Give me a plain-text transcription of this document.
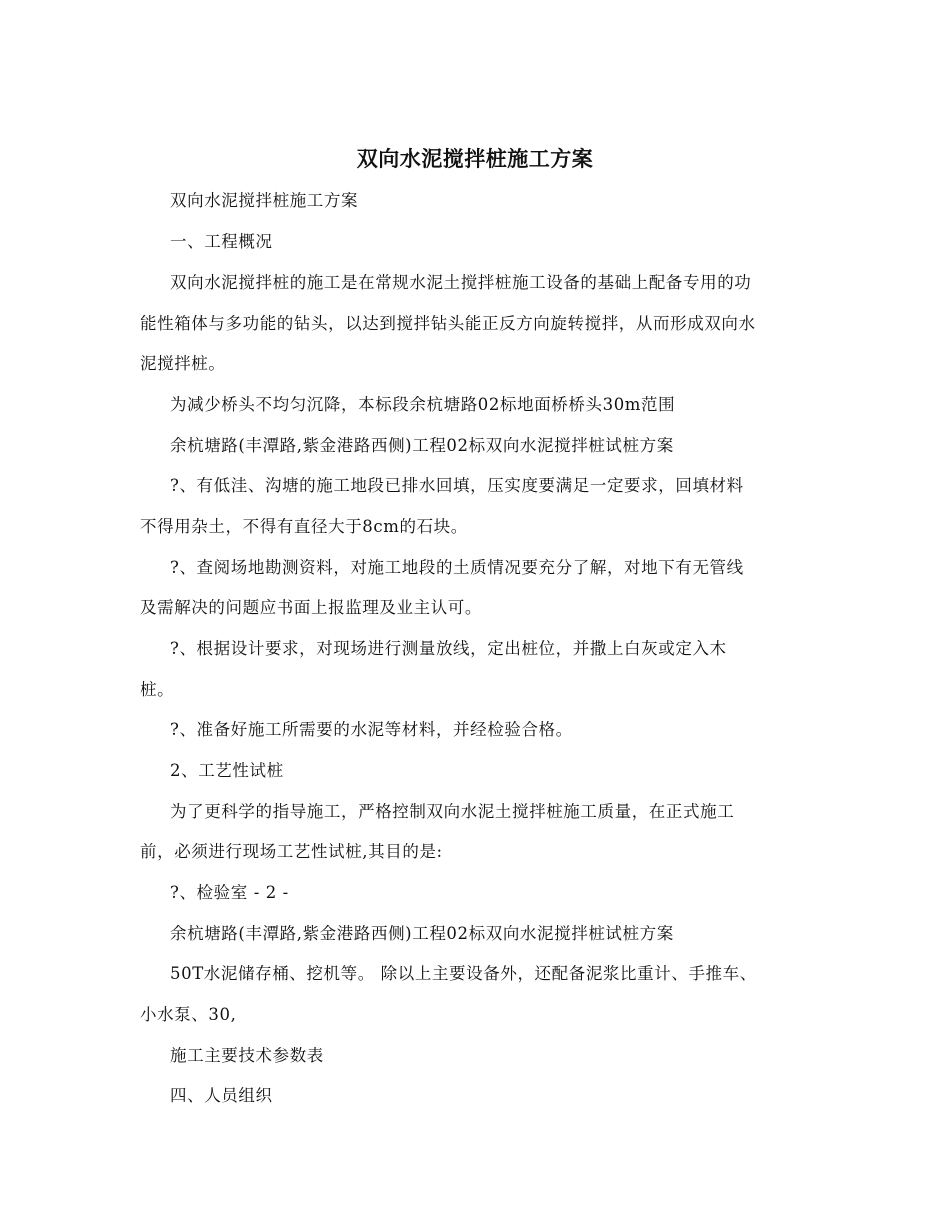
双向水泥搅拌桩施工方案
双向水泥搅拌桩施工方案
一、工程概况
双向水泥搅拌桩的施工是在常规水泥土搅拌桩施工设备的基础上配备专用的功
能性箱体与多功能的钻头，以达到搅拌钻头能正反方向旋转搅拌，从而形成双向水
泥搅拌桩。
为减少桥头不均匀沉降，本标段余杭塘路02标地面桥桥头30m范围
余杭塘路(丰潭路,紫金港路西侧)工程02标双向水泥搅拌桩试桩方案
?、有低洼、沟塘的施工地段已排水回填，压实度要满足一定要求，回填材料
不得用杂土，不得有直径大于8cm的石块。
?、查阅场地勘测资料，对施工地段的土质情况要充分了解，对地下有无管线
及需解决的问题应书面上报监理及业主认可。
?、根据设计要求，对现场进行测量放线，定出桩位，并撒上白灰或定入木
桩。
?、准备好施工所需要的水泥等材料，并经检验合格。
2、工艺性试桩
为了更科学的指导施工，严格控制双向水泥土搅拌桩施工质量，在正式施工
前，必须进行现场工艺性试桩,其目的是:
?、检验室 - 2 -
余杭塘路(丰潭路,紫金港路西侧)工程02标双向水泥搅拌桩试桩方案
50T水泥储存桶、挖机等。 除以上主要设备外，还配备泥浆比重计、手推车、
小水泵、30,
施工主要技术参数表
四、人员组织
